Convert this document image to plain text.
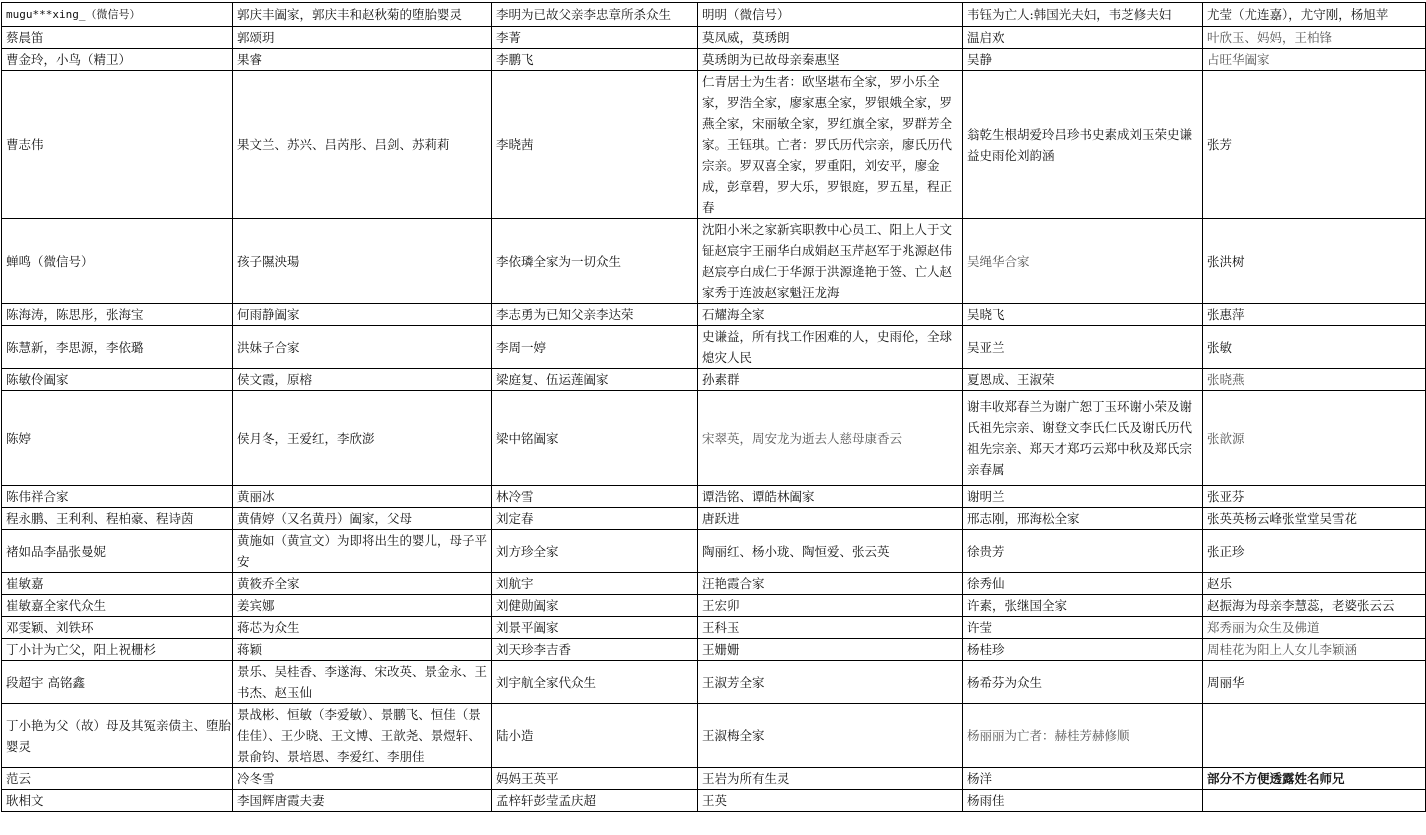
mugu***xing_（微信号）	郭庆丰阖家，郭庆丰和赵秋菊的堕胎婴灵	李明为已故父亲李忠章所杀众生	明明（微信号）	韦钰为亡人:韩国光夫妇，韦芝修夫妇	尤莹（尤连嘉），尤守刚，杨旭苹
蔡晨笛	郭颂玥	李菁	莫凤威，莫琇朗	温启欢	叶欣玉、妈妈，王柏锋
曹金玲，小鸟（精卫）	果睿	李鹏飞	莫琇朗为已故母亲秦惠坚	吴静	占旺华阖家
曹志伟	果文兰、苏兴、吕芮彤、吕剑、苏莉莉	李晓茜	仁青居士为生者：欧坚堪布全家，罗小乐全家，罗浩全家，廖家惠全家，罗银娥全家，罗燕全家，宋丽敏全家，罗红旗全家，罗群芳全家。王钰琪。亡者：罗氏历代宗亲，廖氏历代宗亲。罗双喜全家，罗重阳，刘安平，廖金成，彭章碧，罗大乐，罗银庭，罗五星，程正春	翁乾生根胡爱玲吕珍书史素成刘玉荣史谦益史雨伦刘韵涵	张芳
蝉鸣（微信号）	孩子隰泱瑒	李依璘全家为一切众生	沈阳小米之家新宾职教中心员工、阳上人于文钲赵宸宇王丽华白成娟赵玉芹赵军于兆源赵伟赵宸亭白成仁于华源于洪源逄艳于签、亡人赵家秀于连波赵家魁汪龙海	吴绳华合家	张洪树
陈海涛，陈思彤，张海宝	何雨静阖家	李志勇为已知父亲李达荣	石耀海全家	吴晓飞	张惠萍
陈慧新，李思源，李依璐	洪妹子合家	李周一婷	史谦益，所有找工作困难的人，史雨伦，全球熄灾人民	吴亚兰	张敏
陈敏伶阖家	侯文霞，原榕	梁庭复、伍运莲阖家	孙素群	夏恩成、王淑荣	张晓燕
陈婷	侯月冬，王爱红，李欣澎	梁中铭阖家	宋翠英，周安龙为逝去人慈母康香云	谢丰收郑春兰为谢广恕丁玉环谢小荣及谢氏祖先宗亲、谢登文李氏仁氏及谢氏历代祖先宗亲、郑天才郑巧云郑中秋及郑氏宗亲春属	张歆源
陈伟祥合家	黄丽冰	林冷雪	谭浩铭、谭皓林阖家	谢明兰	张亚芬
程永鹏、王利利、程柏豪、程诗茵	黄倩婷（又名黄丹）阖家，父母	刘定春	唐跃进	邢志刚，邢海松全家	张英英杨云峰张堂堂吴雪花
褚如品李晶张曼妮	黄施如（黄宣文）为即将出生的婴儿，母子平安	刘方珍全家	陶丽红、杨小珑、陶恒爱、张云英	徐贵芳	张正珍
崔敏嘉	黄筱乔全家	刘航宇	汪艳霞合家	徐秀仙	赵乐
崔敏嘉全家代众生	姜宾娜	刘健勋阖家	王宏卯	许素，张继国全家	赵振海为母亲李慧蕊，老婆张云云
邓雯颖、刘铁环	蒋芯为众生	刘景平阖家	王科玉	许莹	郑秀丽为众生及佛道
丁小计为亡父，阳上祝栅杉	蒋颖	刘天珍李吉香	王姗姗	杨桂珍	周桂花为阳上人女儿李颖涵
段超宇 高铭鑫	景乐、吴桂香、李遂海、宋改英、景金永、王书杰、赵玉仙	刘宇航全家代众生	王淑芳全家	杨希芬为众生	周丽华
丁小艳为父（故）母及其冤亲债主、堕胎婴灵	景战彬、恒敏（李爱敏）、景鹏飞、恒佳（景佳佳）、王少晓、王文博、王歆尧、景煜轩、景俞钧、景培恩、李爱红、李朋佳	陆小造	王淑梅全家	杨丽丽为亡者：赫桂芳赫修顺	
范云	冷冬雪	妈妈王英平	王岩为所有生灵	杨洋	部分不方便透露姓名师兄
耿相文	李国辉唐霞夫妻	孟梓轩彭莹孟庆超	王英	杨雨佳	
